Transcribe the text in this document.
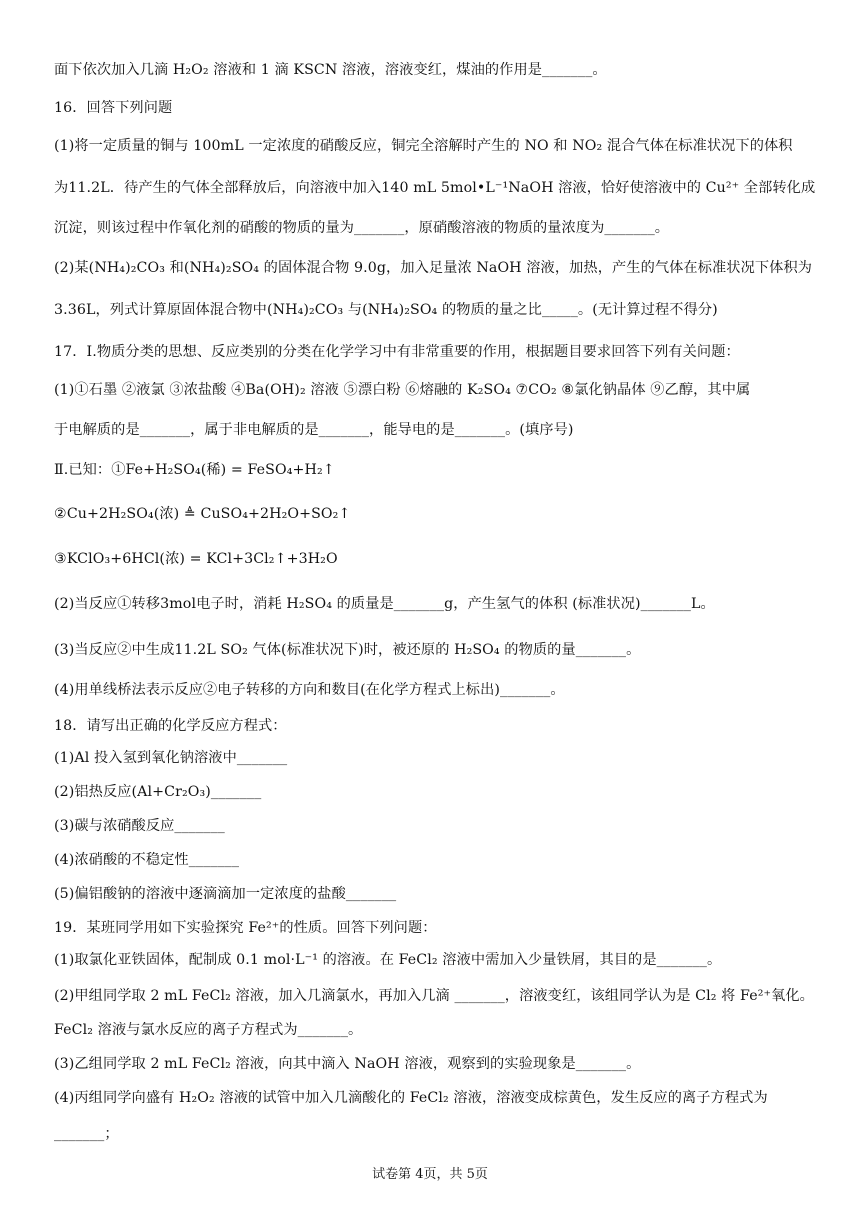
面下依次加入几滴 H₂O₂ 溶液和 1 滴 KSCN 溶液，溶液变红，煤油的作用是_______。
16．回答下列问题
(1)将一定质量的铜与 100mL 一定浓度的硝酸反应，铜完全溶解时产生的 NO 和 NO₂ 混合气体在标准状况下的体积
为11.2L．待产生的气体全部释放后，向溶液中加入140 mL 5mol•L⁻¹NaOH 溶液，恰好使溶液中的 Cu²⁺ 全部转化成
沉淀，则该过程中作氧化剂的硝酸的物质的量为_______，原硝酸溶液的物质的量浓度为_______。
(2)某(NH₄)₂CO₃ 和(NH₄)₂SO₄ 的固体混合物 9.0g，加入足量浓 NaOH 溶液，加热，产生的气体在标准状况下体积为
3.36L，列式计算原固体混合物中(NH₄)₂CO₃ 与(NH₄)₂SO₄ 的物质的量之比_____。(无计算过程不得分)
17．Ⅰ.物质分类的思想、反应类别的分类在化学学习中有非常重要的作用，根据题目要求回答下列有关问题：
(1)①石墨 ②液氯 ③浓盐酸 ④Ba(OH)₂ 溶液 ⑤漂白粉 ⑥熔融的 K₂SO₄ ⑦CO₂ ⑧氯化钠晶体 ⑨乙醇，其中属
于电解质的是_______，属于非电解质的是_______，能导电的是_______。(填序号)
Ⅱ.已知：①Fe+H₂SO₄(稀) = FeSO₄+H₂↑
②Cu+2H₂SO₄(浓) ≜ CuSO₄+2H₂O+SO₂↑
③KClO₃+6HCl(浓) = KCl+3Cl₂↑+3H₂O
(2)当反应①转移3mol电子时，消耗 H₂SO₄ 的质量是_______g，产生氢气的体积 (标准状况)_______L。
(3)当反应②中生成11.2L SO₂ 气体(标准状况下)时，被还原的 H₂SO₄ 的物质的量_______。
(4)用单线桥法表示反应②电子转移的方向和数目(在化学方程式上标出)_______。
18．请写出正确的化学反应方程式：
(1)Al 投入氢到氧化钠溶液中_______
(2)铝热反应(Al+Cr₂O₃)_______
(3)碳与浓硝酸反应_______
(4)浓硝酸的不稳定性_______
(5)偏铝酸钠的溶液中逐滴滴加一定浓度的盐酸_______
19．某班同学用如下实验探究 Fe²⁺的性质。回答下列问题：
(1)取氯化亚铁固体，配制成 0.1 mol·L⁻¹ 的溶液。在 FeCl₂ 溶液中需加入少量铁屑，其目的是_______。
(2)甲组同学取 2 mL FeCl₂ 溶液，加入几滴氯水，再加入几滴 _______，溶液变红，该组同学认为是 Cl₂ 将 Fe²⁺氧化。
FeCl₂ 溶液与氯水反应的离子方程式为_______。
(3)乙组同学取 2 mL FeCl₂ 溶液，向其中滴入 NaOH 溶液，观察到的实验现象是_______。
(4)丙组同学向盛有 H₂O₂ 溶液的试管中加入几滴酸化的 FeCl₂ 溶液，溶液变成棕黄色，发生反应的离子方程式为
_______；
试卷第 4页，共 5页
